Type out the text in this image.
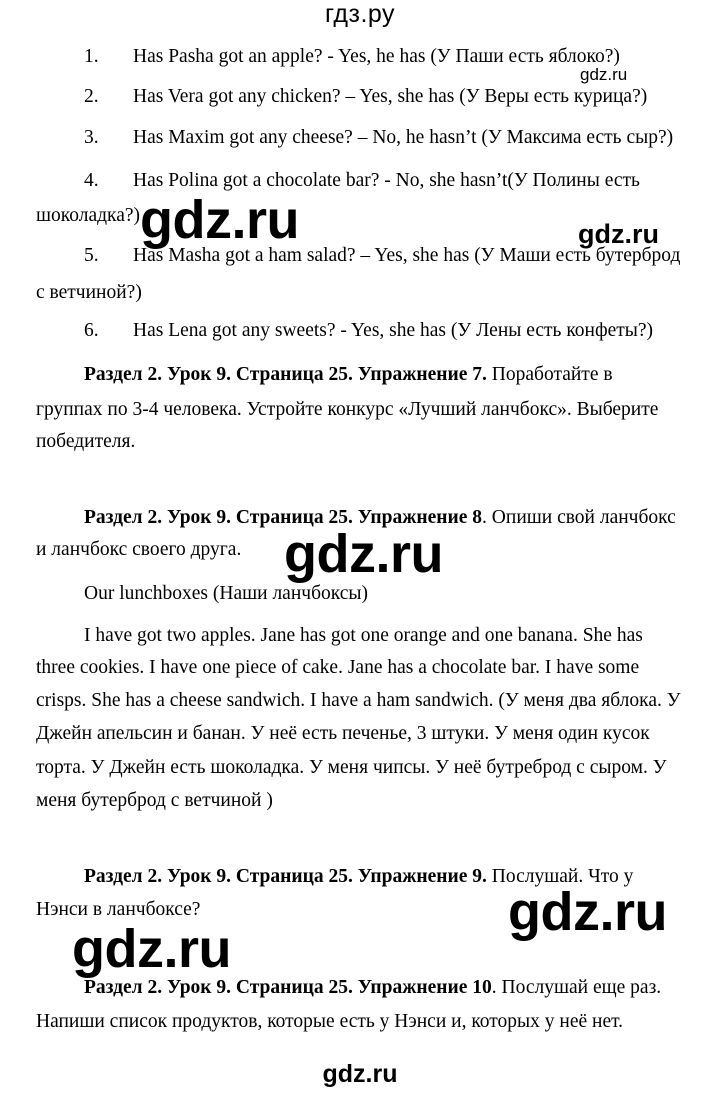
гдз.ру
1.	Has Pasha got an apple? - Yes, he has (У Паши есть яблоко?)
2.	Has Vera got any chicken? – Yes, she has (У Веры есть курица?)
3.	Has Maxim got any cheese? – No, he hasn’t (У Максима есть сыр?)
4.	Has Polina got a chocolate bar? - No, she hasn’t(У Полины есть
шоколадка?)
5.	Has Masha got a ham salad? – Yes, she has (У Маши есть бутерброд
с ветчиной?)
6.	Has Lena got any sweets? - Yes, she has (У Лены есть конфеты?)
Раздел 2. Урок 9. Страница 25. Упражнение 7. Поработайте в
группах по 3-4 человека. Устройте конкурс «Лучший ланчбокс». Выберите
победителя.
Раздел 2. Урок 9. Страница 25. Упражнение 8. Опиши свой ланчбокс
и ланчбокс своего друга.
Our lunchboxes (Наши ланчбоксы)
I have got two apples. Jane has got one orange and one banana. She has
three cookies. I have one piece of cake. Jane has a chocolate bar. I have some
crisps. She has a cheese sandwich. I have a ham sandwich. (У меня два яблока. У
Джейн апельсин и банан. У неё есть печенье, 3 штуки. У меня один кусок
торта. У Джейн есть шоколадка. У меня чипсы. У неё бутреброд с сыром. У
меня бутерброд с ветчиной )
Раздел 2. Урок 9. Страница 25. Упражнение 9. Послушай. Что у
Нэнси в ланчбоксе?
Раздел 2. Урок 9. Страница 25. Упражнение 10. Послушай еще раз.
Напиши список продуктов, которые есть у Нэнси и, которых у неё нет.
gdz.ru
gdz.ru	gdz.ru
gdz.ru
gdz.ru
gdz.ru
gdz.ru
